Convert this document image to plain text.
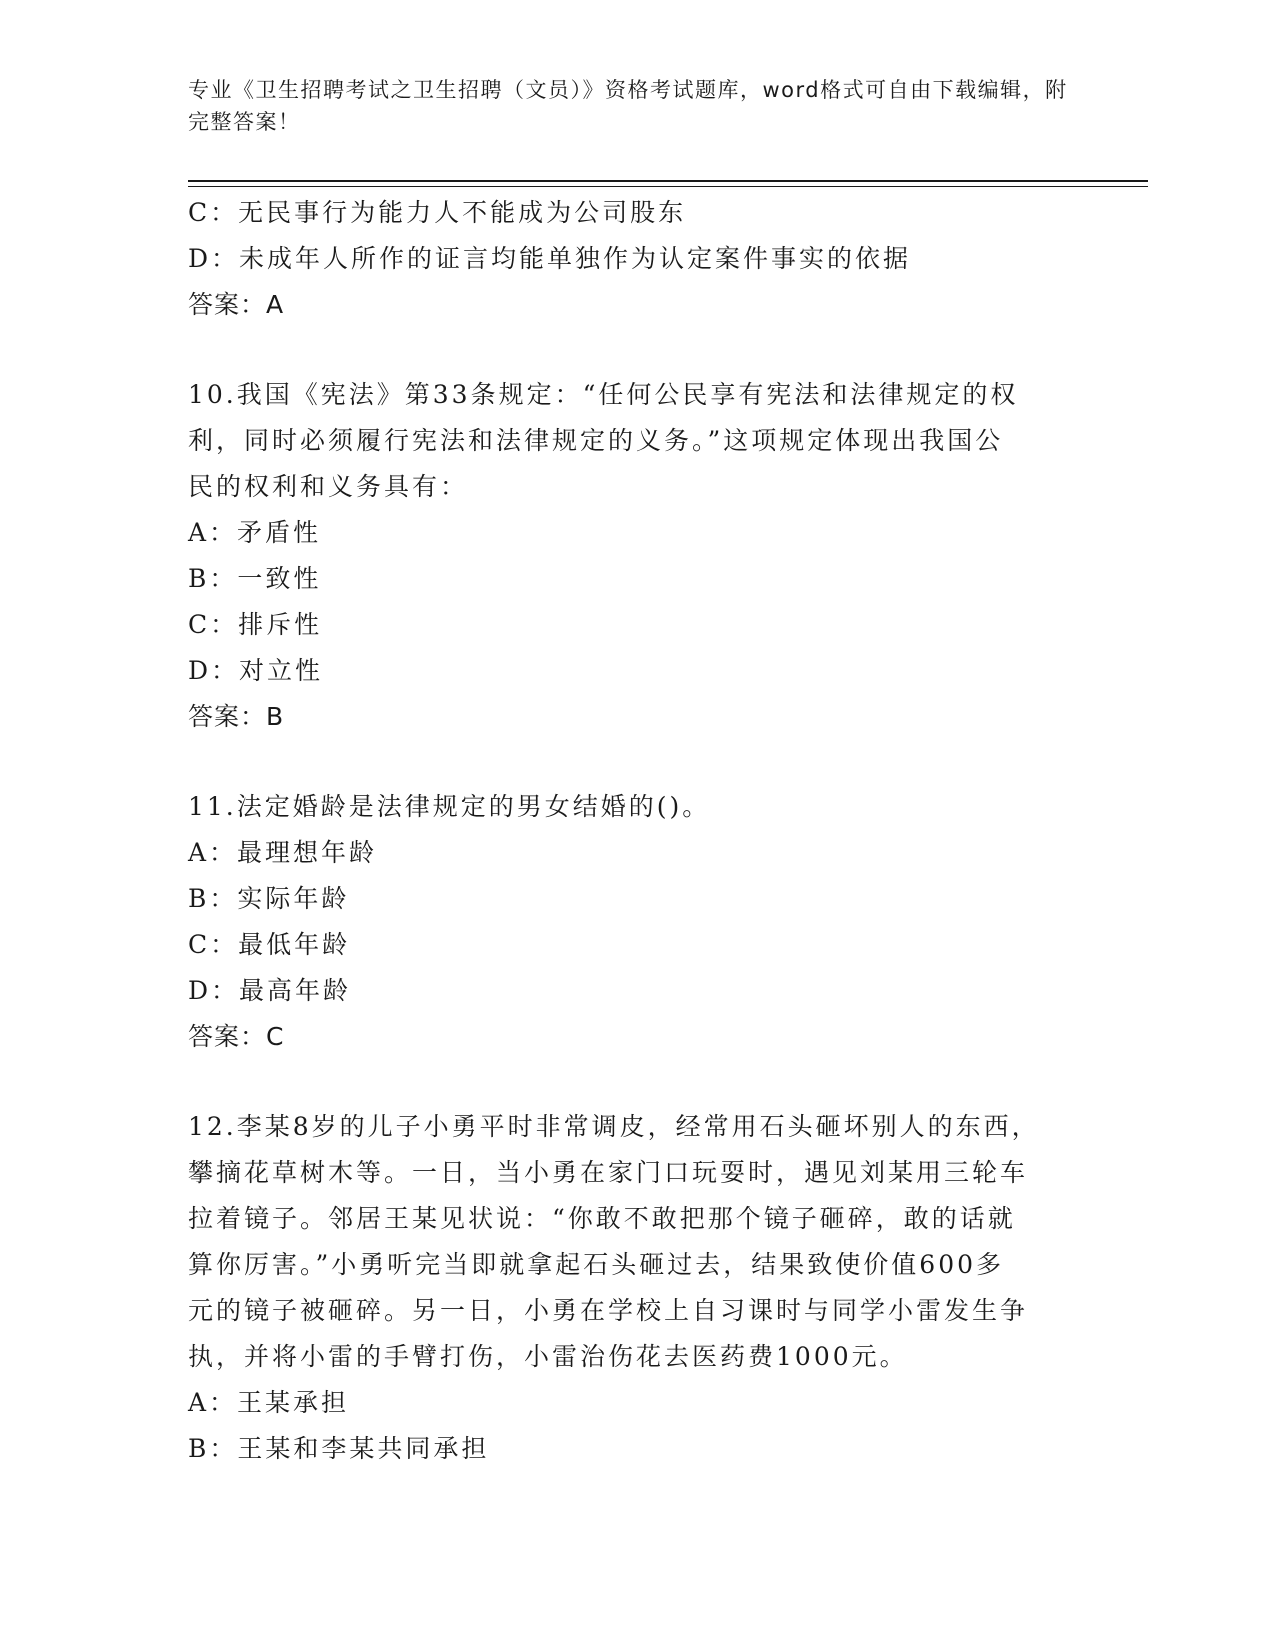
专业《卫生招聘考试之卫生招聘（文员）》资格考试题库，word格式可自由下载编辑，附完整答案！
C：无民事行为能力人不能成为公司股东
D：未成年人所作的证言均能单独作为认定案件事实的依据
答案：A
10.我国《宪法》第33条规定：“任何公民享有宪法和法律规定的权
利，同时必须履行宪法和法律规定的义务。”这项规定体现出我国公
民的权利和义务具有：
A：矛盾性
B：一致性
C：排斥性
D：对立性
答案：B
11.法定婚龄是法律规定的男女结婚的()。
A：最理想年龄
B：实际年龄
C：最低年龄
D：最高年龄
答案：C
12.李某8岁的儿子小勇平时非常调皮，经常用石头砸坏别人的东西，
攀摘花草树木等。一日，当小勇在家门口玩耍时，遇见刘某用三轮车
拉着镜子。邻居王某见状说：“你敢不敢把那个镜子砸碎，敢的话就
算你厉害。”小勇听完当即就拿起石头砸过去，结果致使价值600多
元的镜子被砸碎。另一日，小勇在学校上自习课时与同学小雷发生争
执，并将小雷的手臂打伤，小雷治伤花去医药费1000元。
A：王某承担
B：王某和李某共同承担
